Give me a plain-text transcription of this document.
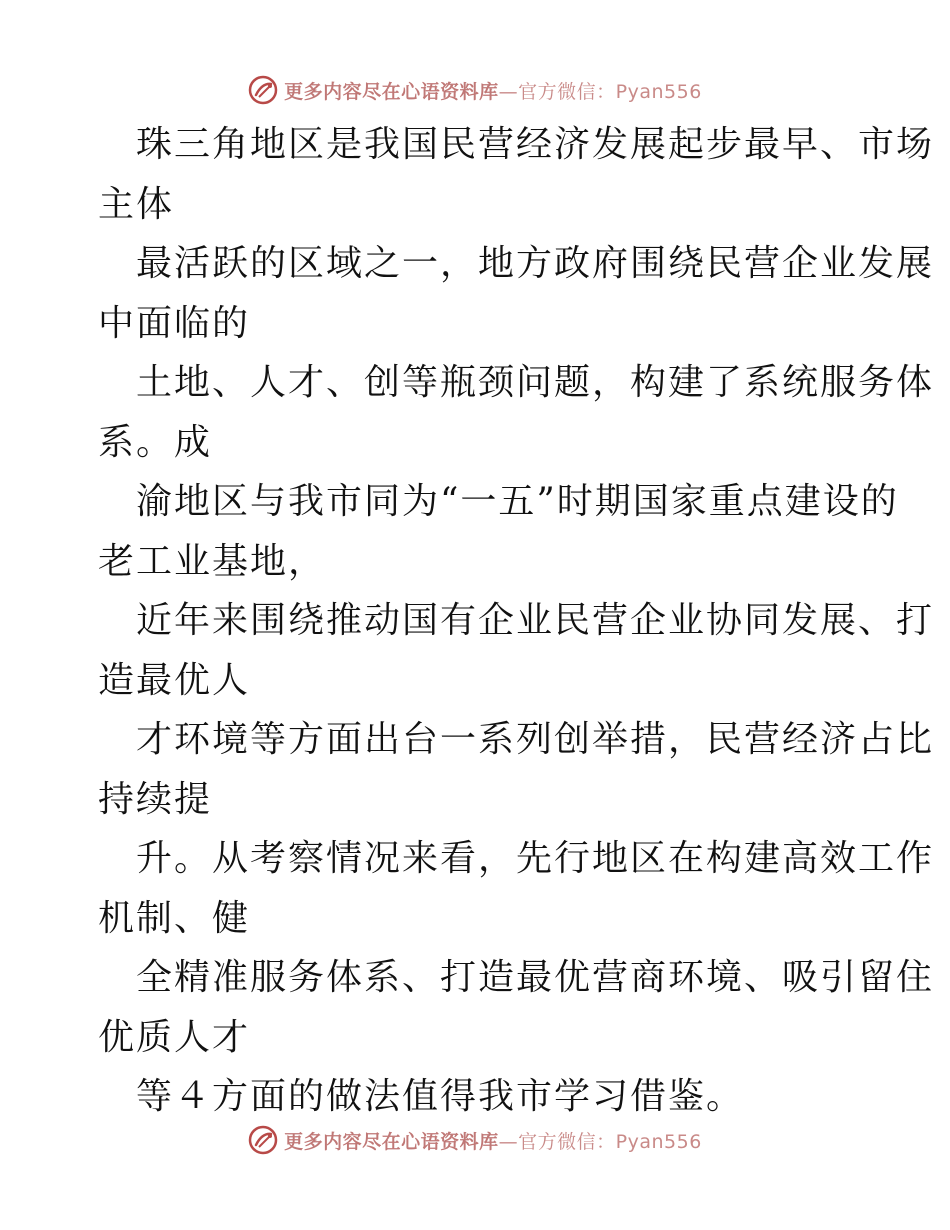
更多内容尽在心语资料库—官方微信：Pyan556

珠三角地区是我国民营经济发展起步最早、市场
主体

最活跃的区域之一，地方政府围绕民营企业发展
中面临的

土地、人才、创等瓶颈问题，构建了系统服务体
系。成

渝地区与我市同为“一五”时期国家重点建设的
老工业基地，

近年来围绕推动国有企业民营企业协同发展、打
造最优人

才环境等方面出台一系列创举措，民营经济占比
持续提

升。从考察情况来看，先行地区在构建高效工作
机制、健

全精准服务体系、打造最优营商环境、吸引留住
优质人才

等４方面的做法值得我市学习借鉴。

更多内容尽在心语资料库—官方微信：Pyan556
